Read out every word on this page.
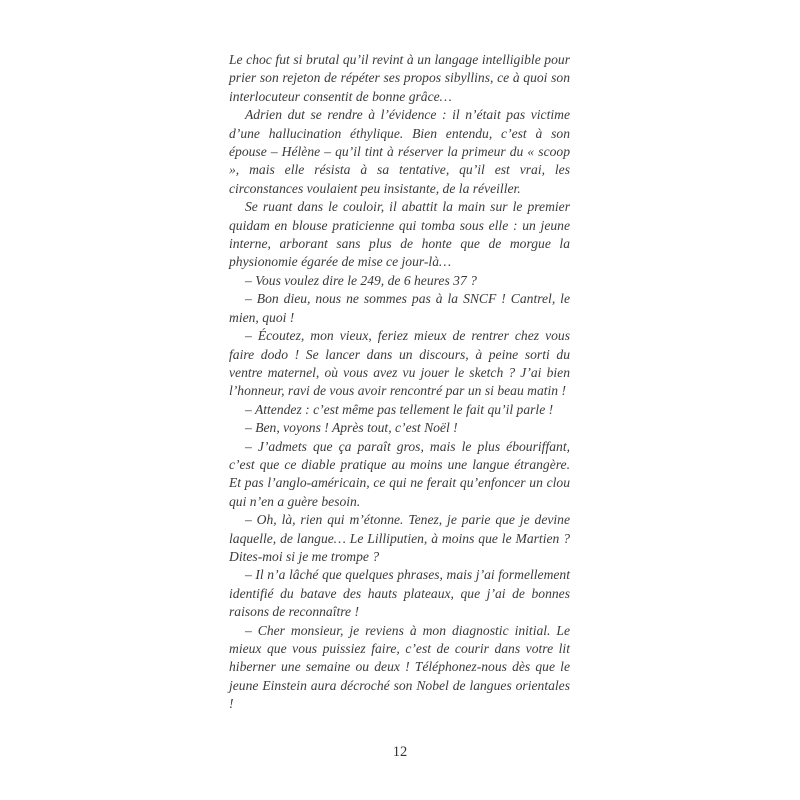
Le choc fut si brutal qu’il revint à un langage intelligible pour prier son rejeton de répéter ses propos sibyllins, ce à quoi son interlocuteur consentit de bonne grâce…

Adrien dut se rendre à l’évidence : il n’était pas victime d’une hallucination éthylique. Bien entendu, c’est à son épouse – Hélène – qu’il tint à réserver la primeur du « scoop », mais elle résista à sa tentative, qu’il est vrai, les circonstances voulaient peu insistante, de la réveiller.

Se ruant dans le couloir, il abattit la main sur le premier quidam en blouse praticienne qui tomba sous elle : un jeune interne, arborant sans plus de honte que de morgue la physionomie égarée de mise ce jour-là…

– Vous voulez dire le 249, de 6 heures 37 ?

– Bon dieu, nous ne sommes pas à la SNCF ! Cantrel, le mien, quoi !

– Écoutez, mon vieux, feriez mieux de rentrer chez vous faire dodo ! Se lancer dans un discours, à peine sorti du ventre maternel, où vous avez vu jouer le sketch ? J’ai bien l’honneur, ravi de vous avoir rencontré par un si beau matin !

– Attendez : c’est même pas tellement le fait qu’il parle !

– Ben, voyons ! Après tout, c’est Noël !

– J’admets que ça paraît gros, mais le plus ébouriffant, c’est que ce diable pratique au moins une langue étrangère. Et pas l’anglo-américain, ce qui ne ferait qu’enfoncer un clou qui n’en a guère besoin.

– Oh, là, rien qui m’étonne. Tenez, je parie que je devine laquelle, de langue… Le Lilliputien, à moins que le Martien ? Dites-moi si je me trompe ?

– Il n’a lâché que quelques phrases, mais j’ai formellement identifié du batave des hauts plateaux, que j’ai de bonnes raisons de reconnaître !

– Cher monsieur, je reviens à mon diagnostic initial. Le mieux que vous puissiez faire, c’est de courir dans votre lit hiberner une semaine ou deux ! Téléphonez-nous dès que le jeune Einstein aura décroché son Nobel de langues orientales !

12
